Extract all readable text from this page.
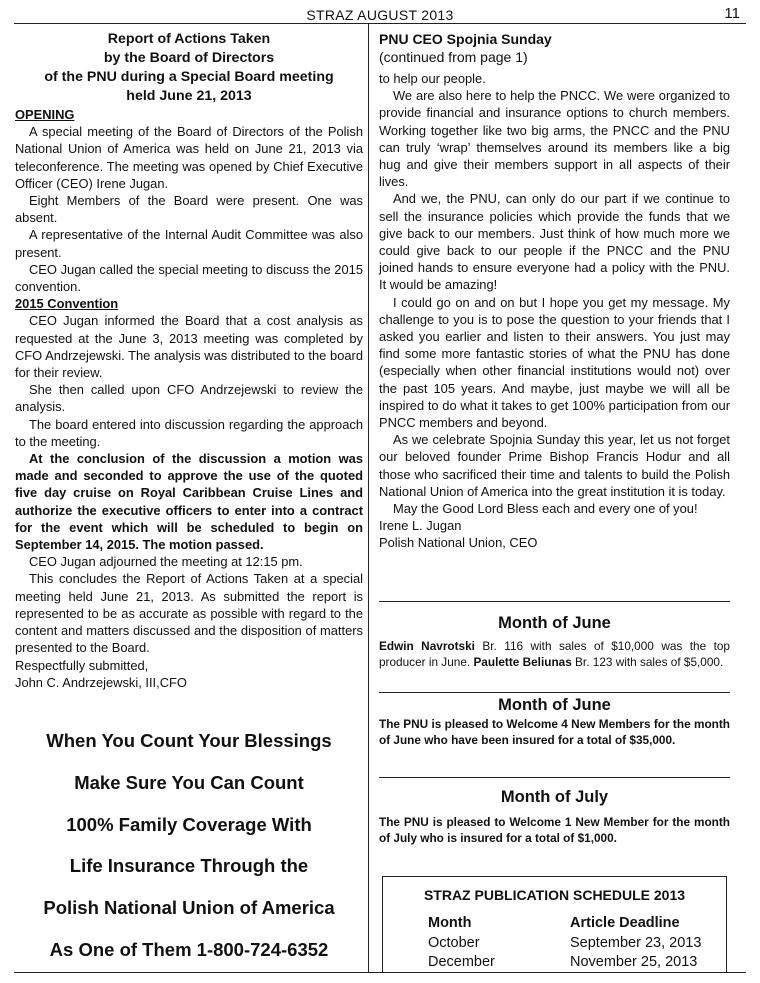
STRAZ AUGUST 2013	11
Report of Actions Taken
by the Board of Directors
of the PNU during a Special Board meeting
held June 21, 2013
OPENING

A special meeting of the Board of Directors of the Polish National Union of America was held on June 21, 2013 via teleconference. The meeting was opened by Chief Executive Officer (CEO) Irene Jugan.

Eight Members of the Board were present. One was absent.

A representative of the Internal Audit Committee was also present.

CEO Jugan called the special meeting to discuss the 2015 convention.

2015 Convention

CEO Jugan informed the Board that a cost analysis as requested at the June 3, 2013 meeting was completed by CFO Andrzejewski. The analysis was distributed to the board for their review.

She then called upon CFO Andrzejewski to review the analysis.

The board entered into discussion regarding the approach to the meeting.

At the conclusion of the discussion a motion was made and seconded to approve the use of the quoted five day cruise on Royal Caribbean Cruise Lines and authorize the executive officers to enter into a contract for the event which will be scheduled to begin on September 14, 2015. The motion passed.

CEO Jugan adjourned the meeting at 12:15 pm.

This concludes the Report of Actions Taken at a special meeting held June 21, 2013. As submitted the report is represented to be as accurate as possible with regard to the content and matters discussed and the disposition of matters presented to the Board.

Respectfully submitted,

John C. Andrzejewski, III,CFO

When You Count Your Blessings
Make Sure You Can Count
100% Family Coverage With
Life Insurance Through the
Polish National Union of America
As One of Them 1-800-724-6352
PNU CEO Spojnia Sunday
(continued from page 1)

to help our people.

We are also here to help the PNCC. We were organized to provide financial and insurance options to church members. Working together like two big arms, the PNCC and the PNU can truly ‘wrap’ themselves around its members like a big hug and give their members support in all aspects of their lives.

And we, the PNU, can only do our part if we continue to sell the insurance policies which provide the funds that we give back to our members. Just think of how much more we could give back to our people if the PNCC and the PNU joined hands to ensure everyone had a policy with the PNU. It would be amazing!

I could go on and on but I hope you get my message. My challenge to you is to pose the question to your friends that I asked you earlier and listen to their answers. You just may find some more fantastic stories of what the PNU has done (especially when other financial institutions would not) over the past 105 years. And maybe, just maybe we will all be inspired to do what it takes to get 100% participation from our PNCC members and beyond.

As we celebrate Spojnia Sunday this year, let us not forget our beloved founder Prime Bishop Francis Hodur and all those who sacrificed their time and talents to build the Polish National Union of America into the great institution it is today.

May the Good Lord Bless each and every one of you!

Irene L. Jugan

Polish National Union, CEO

Month of June
Edwin Navrotski Br. 116 with sales of $10,000 was the top producer in June. Paulette Beliunas Br. 123 with sales of $5,000.
Month of June
The PNU is pleased to Welcome 4 New Members for the month of June who have been insured for a total of $35,000.
Month of July
The PNU is pleased to Welcome 1 New Member for the month of July who is insured for a total of $1,000.
STRAZ PUBLICATION SCHEDULE 2013
Month	Article Deadline
October	September 23, 2013
December	November 25, 2013
